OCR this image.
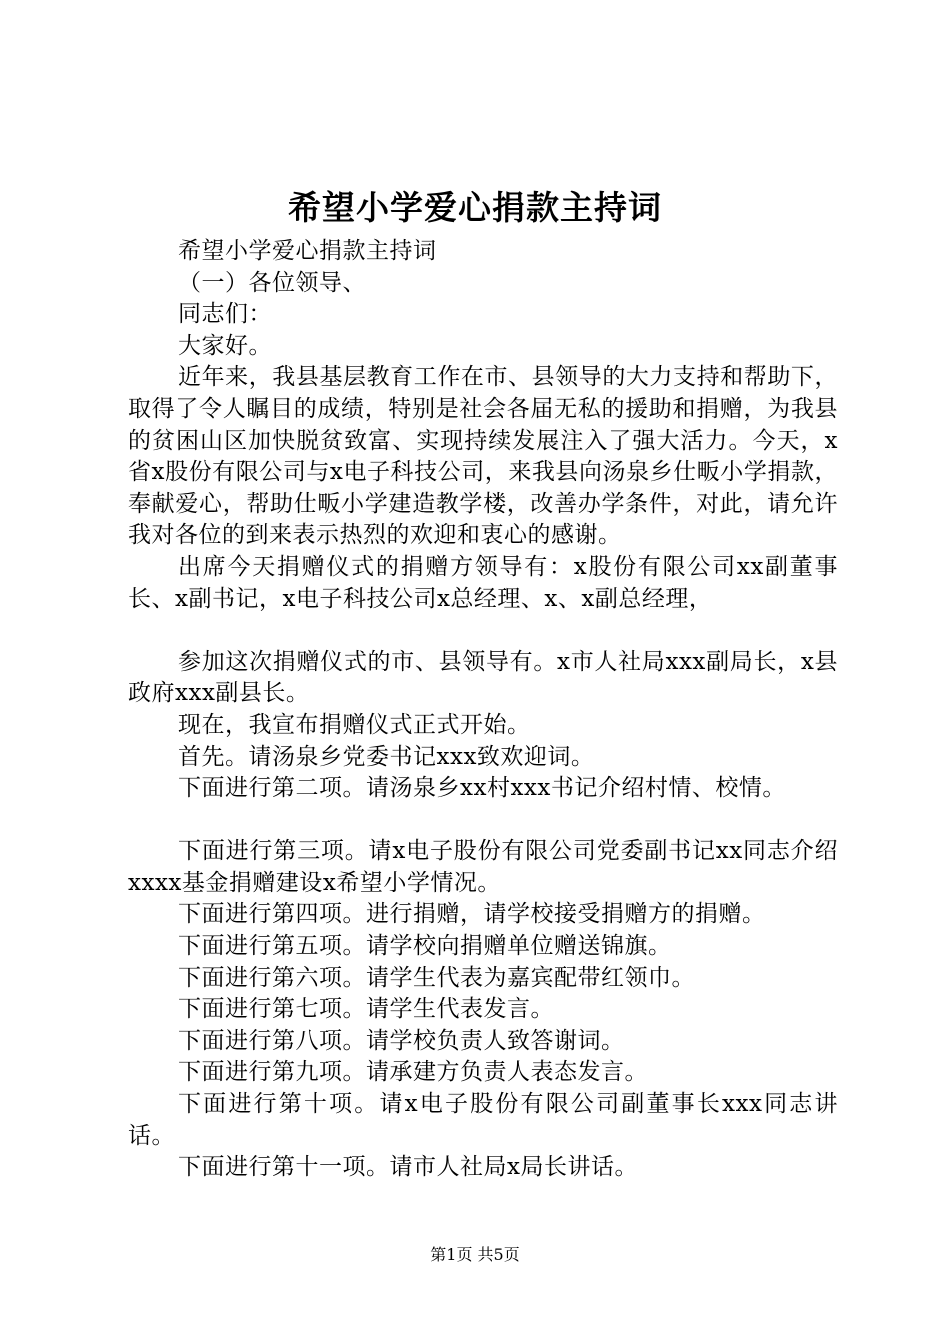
希望小学爱心捐款主持词

希望小学爱心捐款主持词

（一）各位领导、

同志们：

大家好。

近年来，我县基层教育工作在市、县领导的大力支持和帮助下，取得了令人瞩目的成绩，特别是社会各届无私的援助和捐赠，为我县的贫困山区加快脱贫致富、实现持续发展注入了强大活力。今天，x省x股份有限公司与x电子科技公司，来我县向汤泉乡仕畈小学捐款，奉献爱心，帮助仕畈小学建造教学楼，改善办学条件，对此，请允许我对各位的到来表示热烈的欢迎和衷心的感谢。

出席今天捐赠仪式的捐赠方领导有：x股份有限公司xx副董事长、x副书记，x电子科技公司x总经理、x、x副总经理，

参加这次捐赠仪式的市、县领导有。x市人社局xxx副局长，x县政府xxx副县长。

现在，我宣布捐赠仪式正式开始。

首先。请汤泉乡党委书记xxx致欢迎词。

下面进行第二项。请汤泉乡xx村xxx书记介绍村情、校情。

下面进行第三项。请x电子股份有限公司党委副书记xx同志介绍xxxx基金捐赠建设x希望小学情况。

下面进行第四项。进行捐赠，请学校接受捐赠方的捐赠。

下面进行第五项。请学校向捐赠单位赠送锦旗。

下面进行第六项。请学生代表为嘉宾配带红领巾。

下面进行第七项。请学生代表发言。

下面进行第八项。请学校负责人致答谢词。

下面进行第九项。请承建方负责人表态发言。

下面进行第十项。请x电子股份有限公司副董事长xxx同志讲话。

下面进行第十一项。请市人社局x局长讲话。

第1页 共5页
